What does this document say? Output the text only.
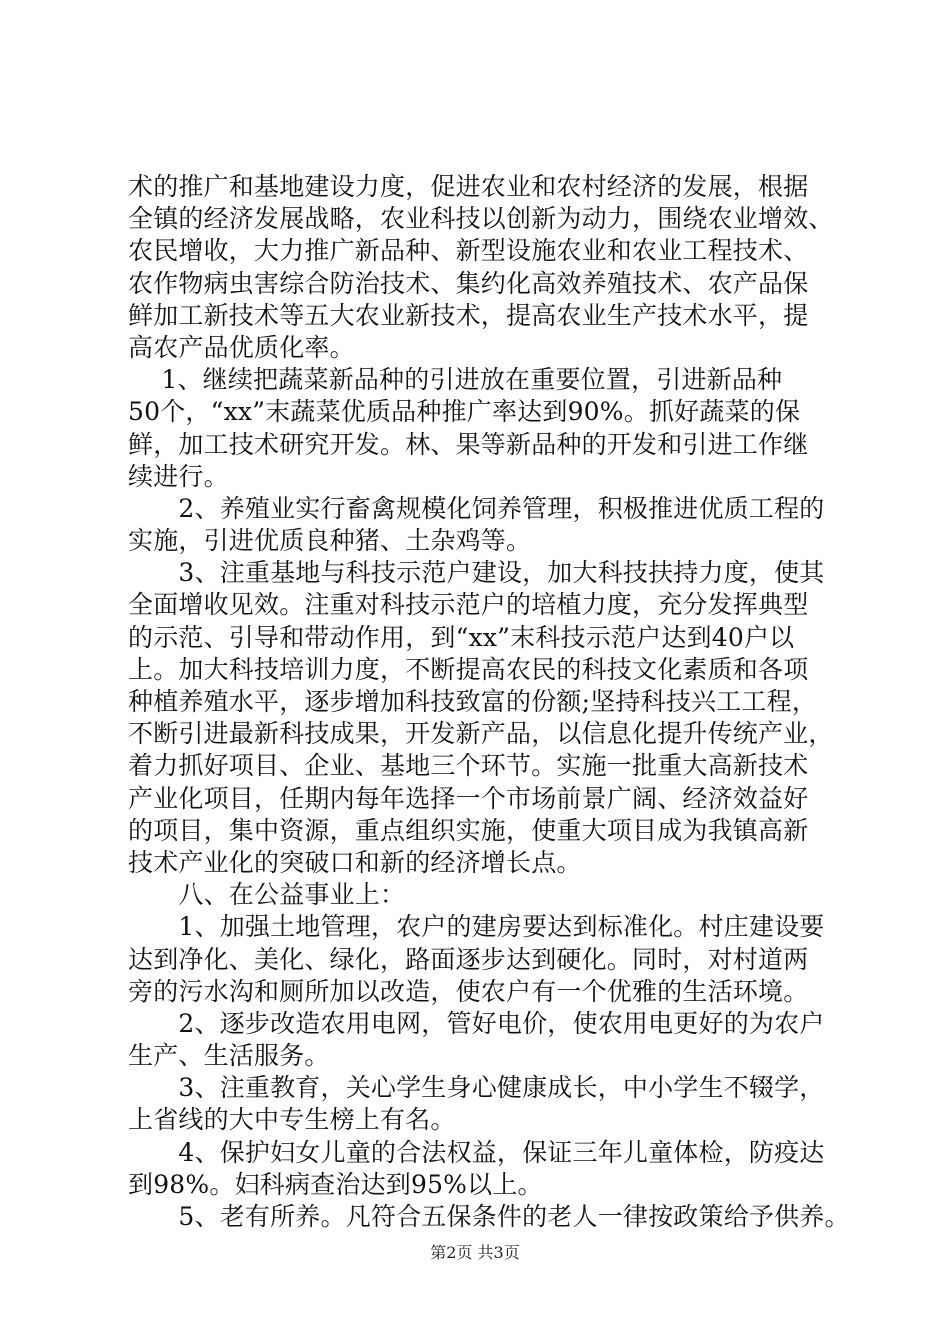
术的推广和基地建设力度，促进农业和农村经济的发展，根据
全镇的经济发展战略，农业科技以创新为动力，围绕农业增效、
农民增收，大力推广新品种、新型设施农业和农业工程技术、
农作物病虫害综合防治技术、集约化高效养殖技术、农产品保
鲜加工新技术等五大农业新技术，提高农业生产技术水平，提
高农产品优质化率。
　 1、继续把蔬菜新品种的引进放在重要位置，引进新品种
50个，“xx”末蔬菜优质品种推广率达到90%。抓好蔬菜的保
鲜，加工技术研究开发。林、果等新品种的开发和引进工作继
续进行。
　　2、养殖业实行畜禽规模化饲养管理，积极推进优质工程的
实施，引进优质良种猪、土杂鸡等。
　　3、注重基地与科技示范户建设，加大科技扶持力度，使其
全面增收见效。注重对科技示范户的培植力度，充分发挥典型
的示范、引导和带动作用，到“xx”末科技示范户达到40户以
上。加大科技培训力度，不断提高农民的科技文化素质和各项
种植养殖水平，逐步增加科技致富的份额;坚持科技兴工工程，
不断引进最新科技成果，开发新产品，以信息化提升传统产业，
着力抓好项目、企业、基地三个环节。实施一批重大高新技术
产业化项目，任期内每年选择一个市场前景广阔、经济效益好
的项目，集中资源，重点组织实施，使重大项目成为我镇高新
技术产业化的突破口和新的经济增长点。
　　八、在公益事业上：
　　1、加强土地管理，农户的建房要达到标准化。村庄建设要
达到净化、美化、绿化，路面逐步达到硬化。同时，对村道两
旁的污水沟和厕所加以改造，使农户有一个优雅的生活环境。
　　2、逐步改造农用电网，管好电价，使农用电更好的为农户
生产、生活服务。
　　3、注重教育，关心学生身心健康成长，中小学生不辍学，
上省线的大中专生榜上有名。
　　4、保护妇女儿童的合法权益，保证三年儿童体检，防疫达
到98%。妇科病查治达到95%以上。
　　5、老有所养。凡符合五保条件的老人一律按政策给予供养。
第2页 共3页
